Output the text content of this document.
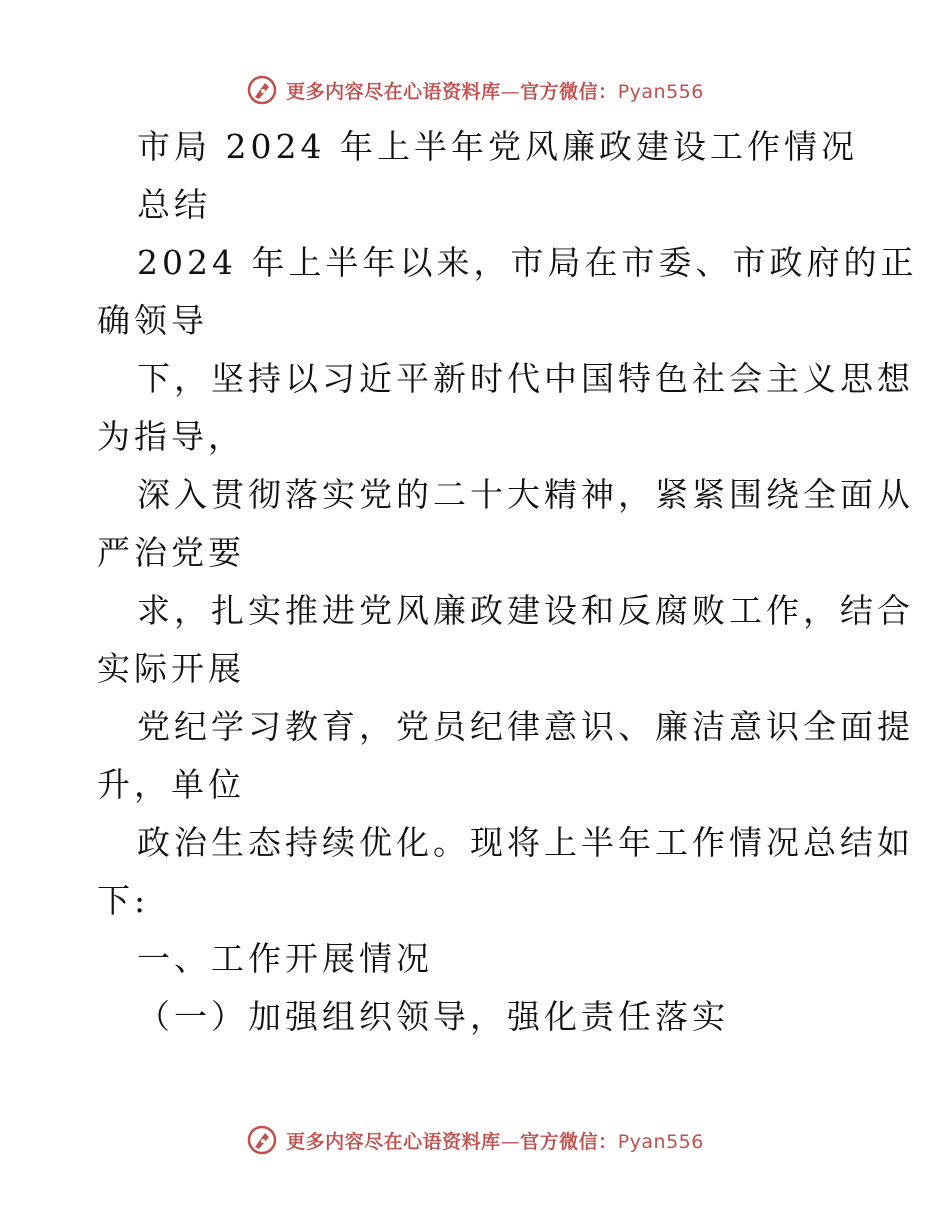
更多内容尽在心语资料库—官方微信：Pyan556
市局 2024 年上半年党风廉政建设工作情况
总结
2024 年上半年以来，市局在市委、市政府的正
确领导
下，坚持以习近平新时代中国特色社会主义思想
为指导，
深入贯彻落实党的二十大精神，紧紧围绕全面从
严治党要
求，扎实推进党风廉政建设和反腐败工作，结合
实际开展
党纪学习教育，党员纪律意识、廉洁意识全面提
升，单位
政治生态持续优化。现将上半年工作情况总结如
下:
一、工作开展情况
（一）加强组织领导，强化责任落实
更多内容尽在心语资料库—官方微信：Pyan556
